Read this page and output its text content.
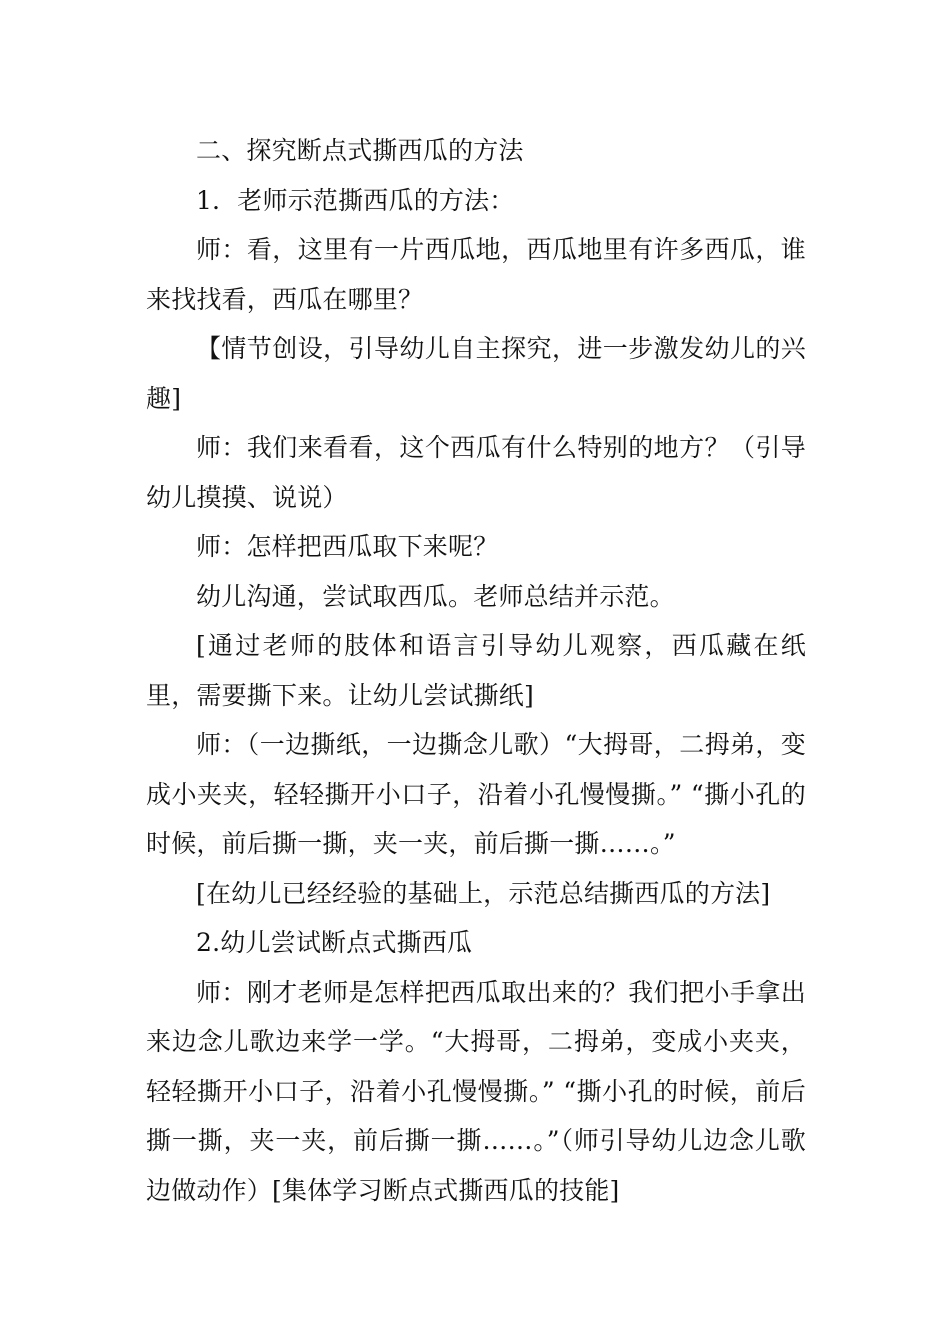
二、探究断点式撕西瓜的方法

1．老师示范撕西瓜的方法：

师：看，这里有一片西瓜地，西瓜地里有许多西瓜，谁来找找看，西瓜在哪里？

【情节创设，引导幼儿自主探究，进一步激发幼儿的兴趣]

师：我们来看看，这个西瓜有什么特别的地方？（引导幼儿摸摸、说说）

师：怎样把西瓜取下来呢？

幼儿沟通，尝试取西瓜。老师总结并示范。

[通过老师的肢体和语言引导幼儿观察，西瓜藏在纸里，需要撕下来。让幼儿尝试撕纸]

师：（一边撕纸，一边撕念儿歌）“大拇哥，二拇弟，变成小夹夹，轻轻撕开小口子，沿着小孔慢慢撕。” “撕小孔的时候，前后撕一撕，夹一夹，前后撕一撕……。”

[在幼儿已经经验的基础上，示范总结撕西瓜的方法]

2.幼儿尝试断点式撕西瓜

师：刚才老师是怎样把西瓜取出来的？我们把小手拿出来边念儿歌边来学一学。“大拇哥，二拇弟，变成小夹夹，轻轻撕开小口子，沿着小孔慢慢撕。” “撕小孔的时候，前后撕一撕，夹一夹，前后撕一撕……。”（师引导幼儿边念儿歌边做动作）[集体学习断点式撕西瓜的技能]
